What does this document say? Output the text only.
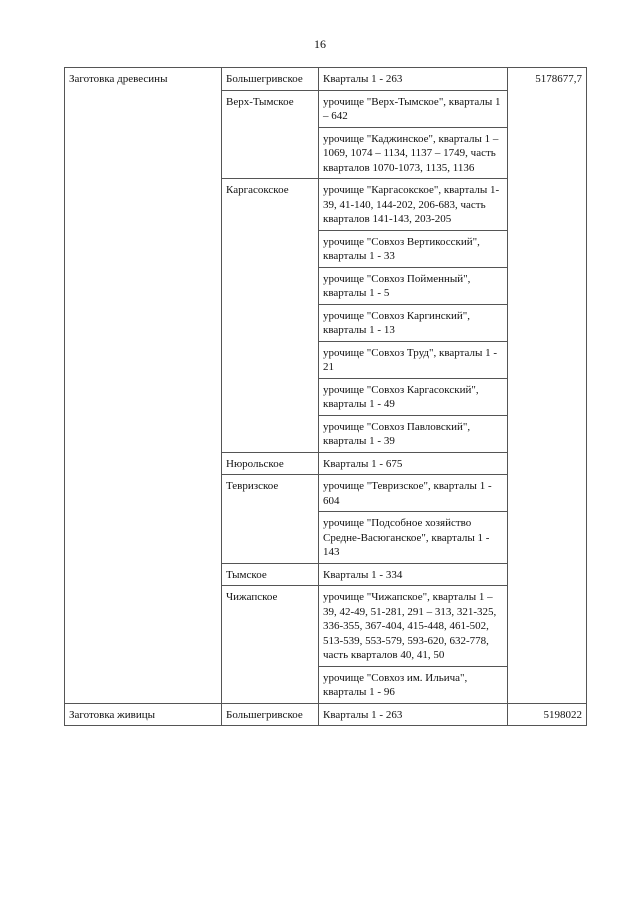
16
Заготовка древесины	Большегривское	Кварталы 1 - 263	5178677,7
	Верх-Тымское	урочище "Верх-Тымское", кварталы 1 – 642	
		урочище "Каджинское", кварталы 1 – 1069, 1074 – 1134, 1137 – 1749, часть кварталов 1070-1073, 1135, 1136	
	Каргасокское	урочище "Каргасокское", кварталы 1-39, 41-140, 144-202, 206-683, часть кварталов 141-143, 203-205	
		урочище "Совхоз Вертикосский", кварталы 1 - 33	
		урочище "Совхоз Пойменный", кварталы 1 - 5	
		урочище "Совхоз Каргинский", кварталы 1 - 13	
		урочище "Совхоз Труд", кварталы 1 - 21	
		урочище "Совхоз Каргасокский", кварталы 1 - 49	
		урочище "Совхоз Павловский", кварталы 1 - 39	
	Нюрольское	Кварталы 1 - 675	
	Тевризское	урочище "Тевризское", кварталы 1 - 604	
		урочище "Подсобное хозяйство Средне-Васюганское", кварталы 1 - 143	
	Тымское	Кварталы 1 - 334	
	Чижапское	урочище "Чижапское", кварталы 1 – 39, 42-49, 51-281, 291 – 313, 321-325, 336-355, 367-404, 415-448, 461-502, 513-539, 553-579, 593-620, 632-778, часть кварталов 40, 41, 50	
		урочище "Совхоз им. Ильича", кварталы 1 - 96	
Заготовка живицы	Большегривское	Кварталы 1 - 263	5198022
